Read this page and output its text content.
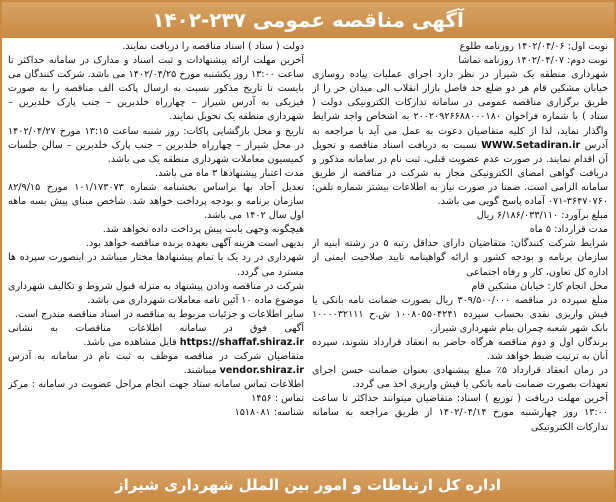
آگهی مناقصه عمومی ۲۳۷-۱۴۰۲

نوبت اول: ۱۴۰۲/۰۴/۰۶ روزنامه طلوع

نوبت دوم: ۱۴۰۲/۰۴/۰۷ روزنامه تماشا

شهرداری منطقه یک شیراز در نظر دارد اجرای عملیات پیاده روسازی خیابان مشکین قام هر دو ضلع حد فاصل بازار انقلاب الی میدان حر را از طریق برگزاری مناقصه عمومی در سامانه تدارکات الکترونیکی دولت ( ستاد ) با شماره فراخوان ۲۰۰۲۰۹۲۶۶۸۸۰۰۰۱۸۰ به اشخاص واجد شرایط واگذار نماید، لذا از کلیه متقاضیان دعوت به عمل می آید با مراجعه به آدرس WWW.Setadiran.ir نسبت به دریافت اسناد مناقصه و تحویل آن اقدام نمایند. در صورت عدم عضویت قبلی، ثبت نام در سامانه مذکور و دریافت گواهی امضای الکترونیکی مجاز به شرکت در مناقصه از طریق سامانه الزامی است. ضمنا در صورت نیاز به اطلاعات بیشتر شماره تلفن: ۳۶۴۷۰۷۶۰-۰۷۱ آماده پاسخ گویی می باشد.

مبلغ برآورد: ۶/۱۸۶/۰۳۳/۱۱۰ ریال

مدت قرارداد: ۵ ماه

شرایط شرکت کنندگان: متقاضیان دارای حداقل رتبه ۵ در رشته ابنیه از سازمان برنامه و بودجه کشور و ارائه گواهینامه تایید صلاحیت ایمنی از اداره کل تعاون، کار و رفاه اجتماعی

محل انجام کار: خیابان مشکین قام

مبلغ سپرده در مناقصه ۳۰۹/۵۰۰/۰۰۰ ریال بصورت ضمانت نامه بانکی یا فیش واریزی نقدی بحساب سپرده ۱۰۰۸۰۵۵۰۴۲۴۱ ش.ح ۱۰۰۰۰۳۲۱۱۱ بانک شهر شعبه چمران بنام شهرداری شیراز.

برندگان اول و دوم مناقصه هرگاه حاضر به انعقاد قرارداد نشوند، سپرده آنان به ترتیب ضبط خواهد شد.

در زمان انعقاد قرارداد ۵٪ مبلغ پیشنهادی بعنوان ضمانت حسن اجرای تعهدات بصورت ضمانت نامه بانکی یا فیش واریزی اخذ می گردد.

آخرین مهلت دریافت ( توزیع ) اسناد: متقاضیان میتوانند حداکثر تا ساعت ۱۳:۰۰ روز چهارشنبه مورخ ۱۴۰۲/۰۴/۱۴ از طریق مراجعه به سامانه تدارکات الکترونیکی

دولت ( ستاد ) اسناد مناقصه را دریافت نمایند.

آخرین مهلت ارائه پیشنهادات و ثبت اسناد و مدارک در سامانه حداکثر تا ساعت ۱۳:۰۰ روز یکشنبه مورخ ۱۴۰۲/۰۴/۲۵ می باشد. شرکت کنندگان می بایست تا تاریخ مذکور نسبت به ارسال پاکت الف مناقصه را به صورت فیزیکی به آدرس شیراز – چهارراه خلدبرین – جنب پارک خلدبرین – شهرداری منطقه یک تحویل نمایند.

تاریخ و محل بازگشایی پاکات: روز شنبه ساعت ۱۳:۱۵ مورخ ۱۴۰۲/۰۴/۲۷ در محل شیراز – چهارراه خلدبرین – جنب پارک خلدبرین – سالن جلسات کمیسیون معاملات شهرداری منطقه یک می باشد.

مدت اعتبار پیشنهادها ۳ ماه می باشد.

تعدیل آحاد بها براساس بخشنامه شماره ۱۰۱/۱۷۳۰۷۳ مورخ ۸۲/۹/۱۵ سازمان برنامه و بودجه پرداخت خواهد شد. شاخص مبنای پیش بسه ماهه اول سال ۱۴۰۲ می باشد.

هیچگونه وجهی بابت پیش پرداخت داده نخواهد شد.

بدیهی است هزینه آگهی بعهده برنده مناقصه خواهد بود.

شهرداری در رد یک یا تمام پیشنهادها مختار میباشد در اینصورت سپرده ها مسترد می گردد.

شرکت در مناقصه ودادن پیشنهاد به منزله قبول شروط و تکالیف شهرداری موضوع ماده ۱۰ آئین نامه معاملات شهرداری می باشد.

سایر اطلاعات و جزئیات مربوط به مناقصه در اسناد مناقصه مندرج است.

آگهی فوق در سامانه اطلاعات مناقصات به نشانی https://shaffaf.shiraz.ir قابل مشاهده می باشد.

متقاضیان شرکت در مناقصه موظف به ثبت نام در سامانه به آدرس vendor.shiraz.ir میباشند.

اطلاعات تماس سامانه ستاد جهت انجام مراحل عضویت در سامانه : مرکز تماس : ۱۴۵۶

شناسه: ۱۵۱۸۰۸۱

اداره کل ارتباطات و امور بین الملل شهرداری شیراز
